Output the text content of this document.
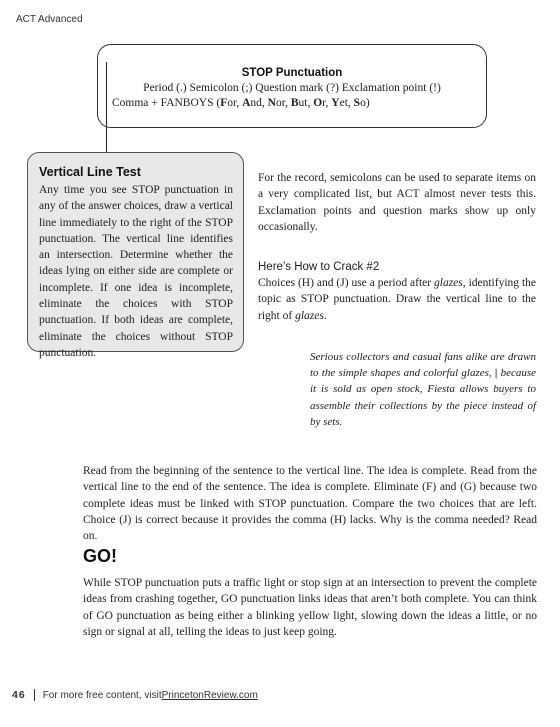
ACT Advanced
STOP Punctuation
Period (.) Semicolon (;) Question mark (?) Exclamation point (!)
Comma + FANBOYS (For, And, Nor, But, Or, Yet, So)
Vertical Line Test
Any time you see STOP punctuation in any of the answer choices, draw a vertical line immediately to the right of the STOP punctuation. The vertical line identifies an intersection. Determine whether the ideas lying on either side are complete or incomplete. If one idea is incomplete, eliminate the choices with STOP punctuation. If both ideas are complete, eliminate the choices without STOP punctuation.

For the record, semicolons can be used to separate items on a very complicated list, but ACT almost never tests this. Exclamation points and question marks show up only occasionally.

Here’s How to Crack #2

Choices (H) and (J) use a period after glazes, identifying the topic as STOP punctuation. Draw the vertical line to the right of glazes.

Serious collectors and casual fans alike are drawn to the simple shapes and colorful glazes, | because it is sold as open stock, Fiesta allows buyers to assemble their collections by the piece instead of by sets.

Read from the beginning of the sentence to the vertical line. The idea is complete. Read from the vertical line to the end of the sentence. The idea is complete. Eliminate (F) and (G) because two complete ideas must be linked with STOP punctuation. Compare the two choices that are left. Choice (J) is correct because it provides the comma (H) lacks. Why is the comma needed? Read on.

GO!

While STOP punctuation puts a traffic light or stop sign at an intersection to prevent the complete ideas from crashing together, GO punctuation links ideas that aren’t both complete. You can think of GO punctuation as being either a blinking yellow light, slowing down the ideas a little, or no sign or signal at all, telling the ideas to just keep going.

46 For more free content, visit PrincetonReview.com
